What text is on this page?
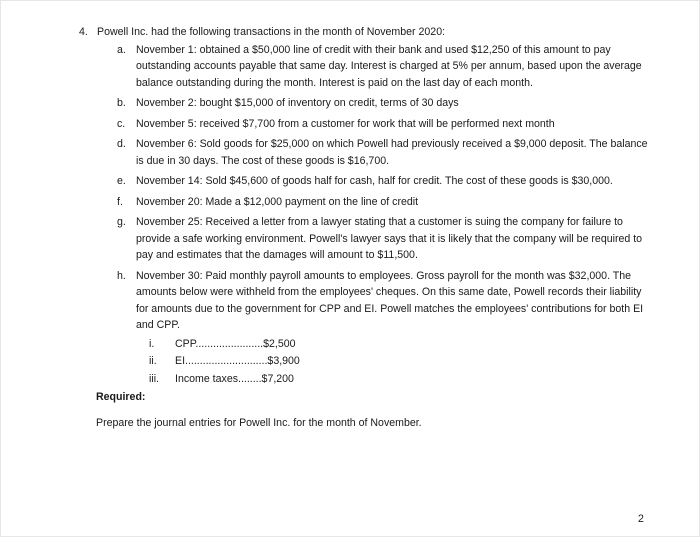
4. Powell Inc. had the following transactions in the month of November 2020:
a. November 1: obtained a $50,000 line of credit with their bank and used $12,250 of this amount to pay outstanding accounts payable that same day. Interest is charged at 5% per annum, based upon the average balance outstanding during the month. Interest is paid on the last day of each month.
b. November 2: bought $15,000 of inventory on credit, terms of 30 days
c.	November 5: received $7,700 from a customer for work that will be performed next month
d. November 6: Sold goods for $25,000 on which Powell had previously received a $9,000 deposit. The balance is due in 30 days. The cost of these goods is $16,700.
e. November 14: Sold $45,600 of goods half for cash, half for credit. The cost of these goods is $30,000.
f.	November 20: Made a $12,000 payment on the line of credit
g. November 25: Received a letter from a lawyer stating that a customer is suing the company for failure to provide a safe working environment. Powell's lawyer says that it is likely that the company will be required to pay and estimates that the damages will amount to $11,500.
h. November 30: Paid monthly payroll amounts to employees. Gross payroll for the month was $32,000. The amounts below were withheld from the employees' cheques. On this same date, Powell records their liability for amounts due to the government for CPP and EI. Powell matches the employees' contributions for both EI and CPP.
i.	CPP.......................$2,500
ii.	EI............................$3,900
iii.	Income taxes........$7,200
Required:
Prepare the journal entries for Powell Inc. for the month of November.
2
